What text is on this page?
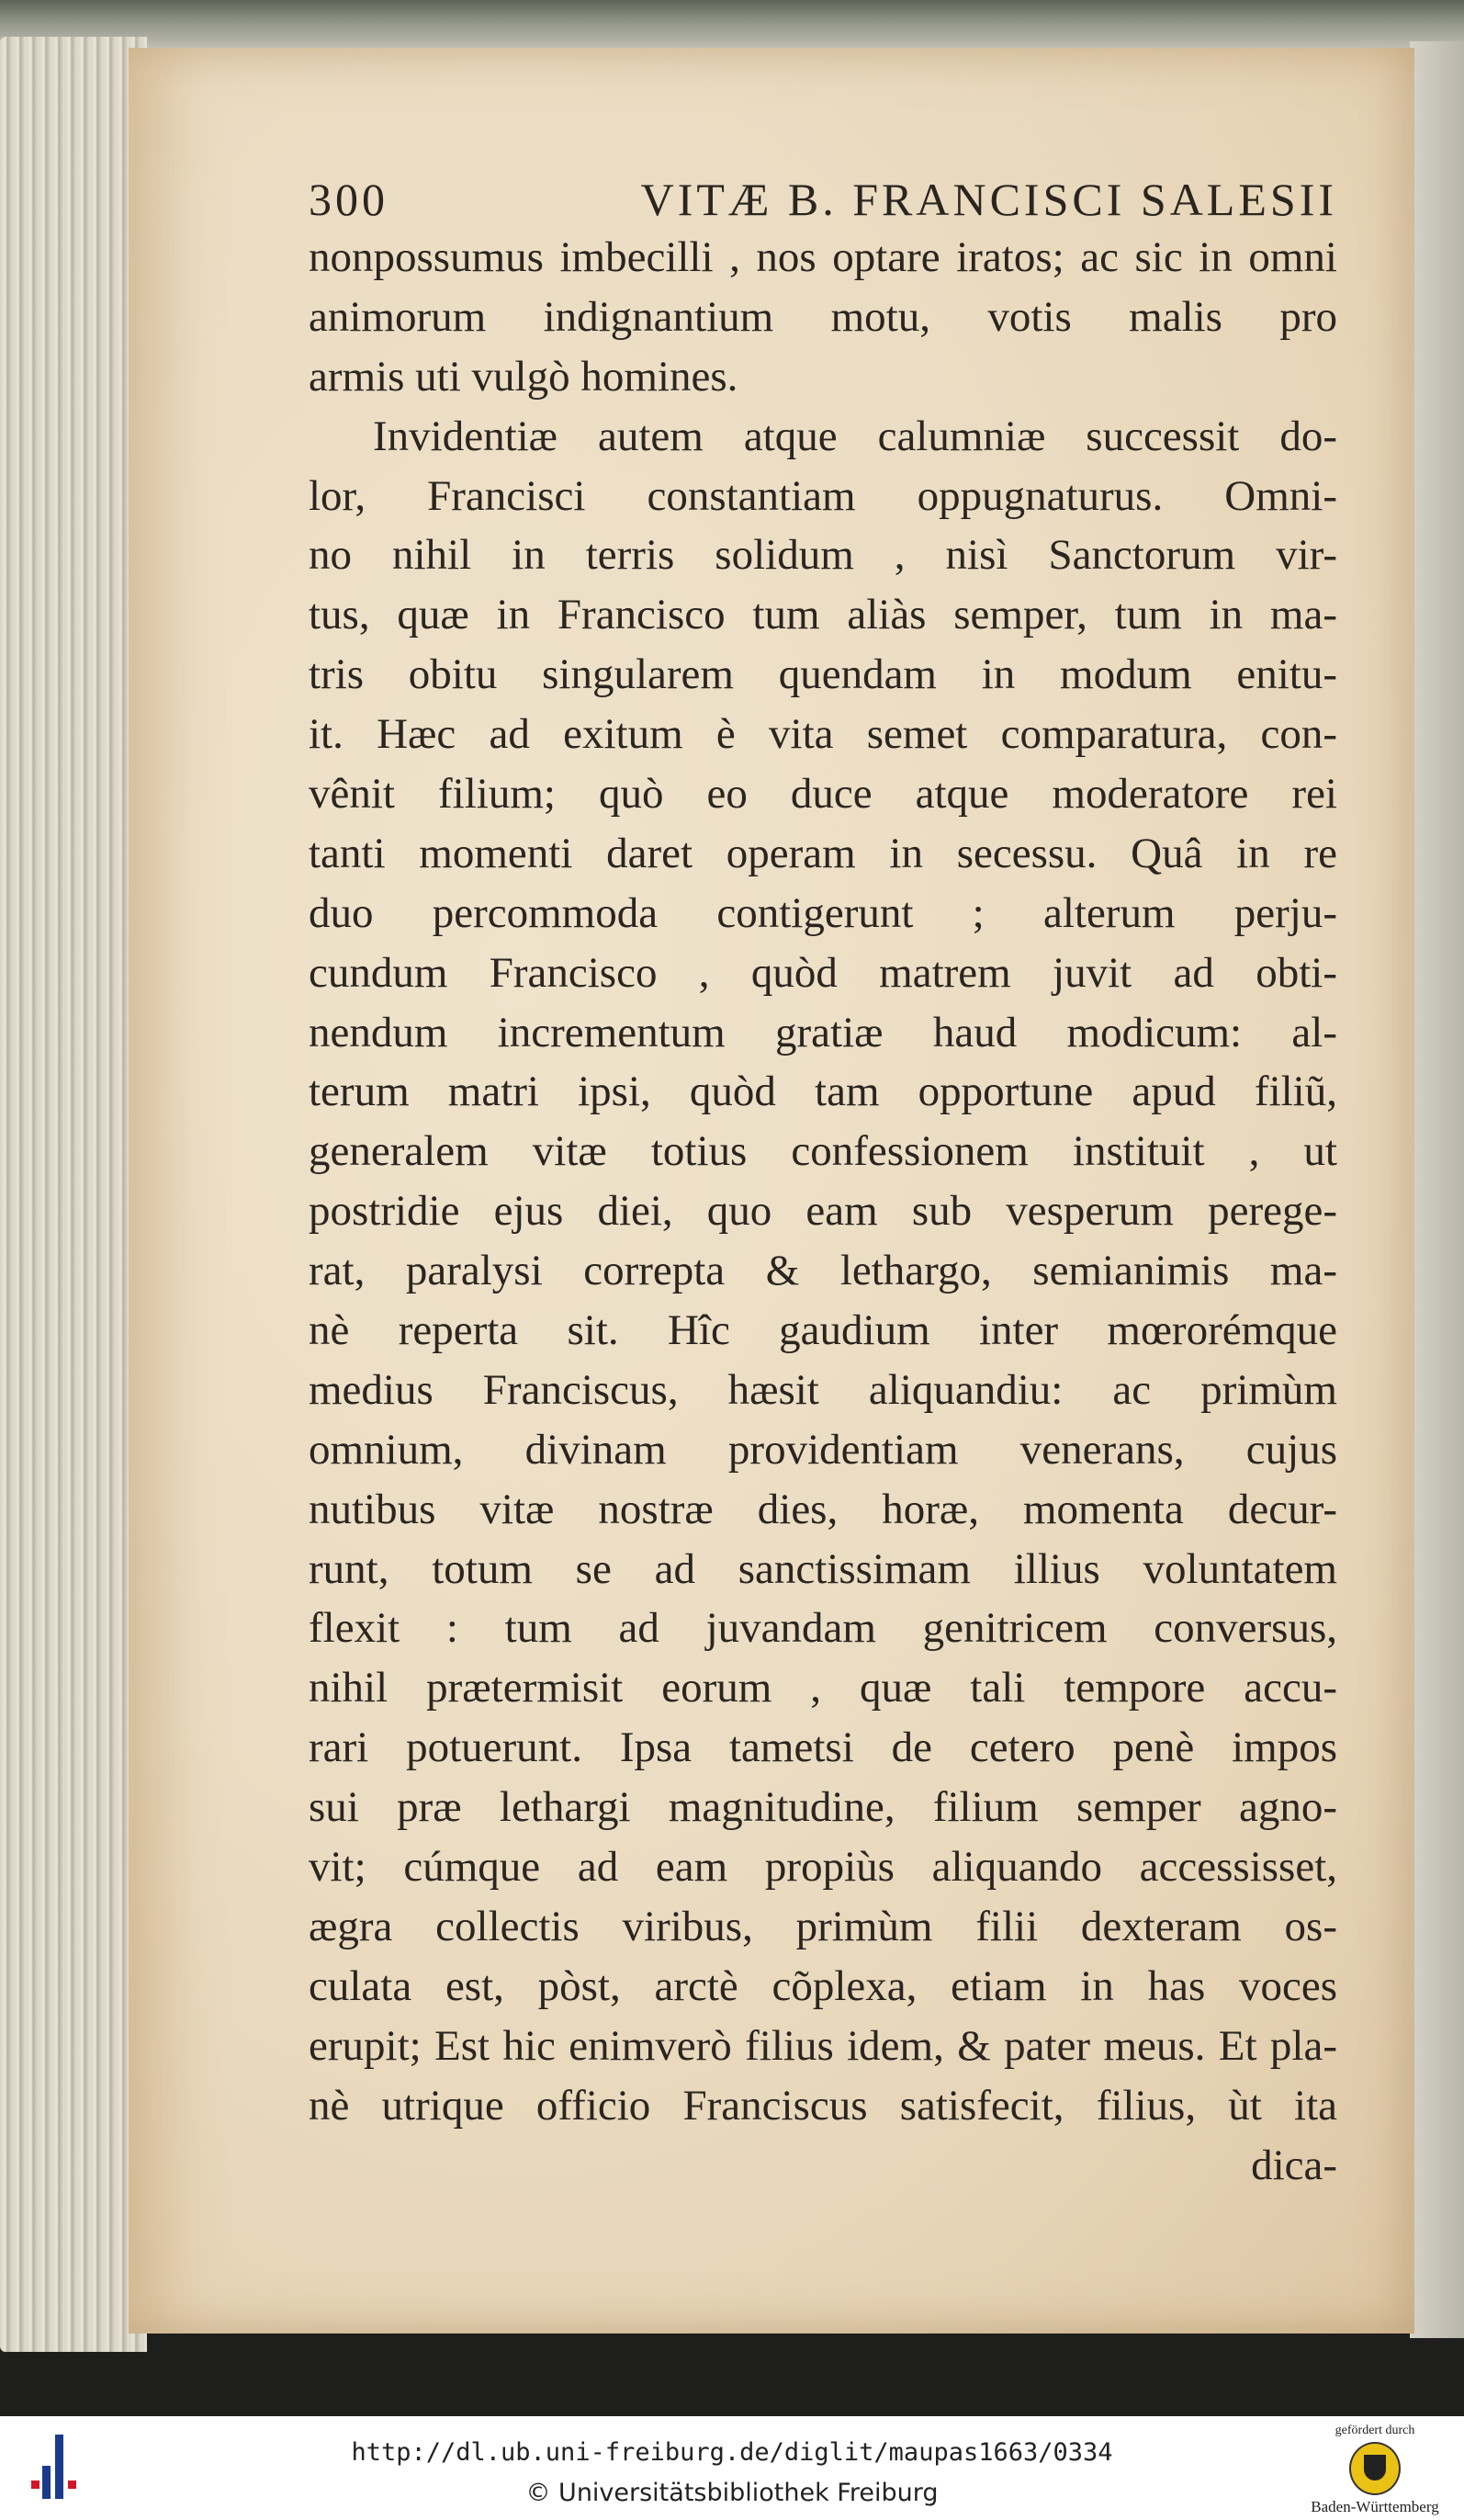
300	VITÆ B. FRANCISCI SALESII
nonpossumus imbecilli , nos optare iratos; ac sic in omni
animorum indignantium motu, votis malis pro
armis uti vulgò homines.
Invidentiæ autem atque calumniæ successit do-
lor, Francisci constantiam oppugnaturus. Omni-
no nihil in terris solidum , nisì Sanctorum vir-
tus, quæ in Francisco tum aliàs semper, tum in ma-
tris obitu singularem quendam in modum enitu-
it. Hæc ad exitum è vita semet comparatura, con-
vênit filium; quò eo duce atque moderatore rei
tanti momenti daret operam in secessu. Quâ in re
duo percommoda contigerunt ; alterum perju-
cundum Francisco , quòd matrem juvit ad obti-
nendum incrementum gratiæ haud modicum: al-
terum matri ipsi, quòd tam opportune apud filiũ,
generalem vitæ totius confessionem instituit , ut
postridie ejus diei, quo eam sub vesperum perege-
rat, paralysi correpta & lethargo, semianimis ma-
nè reperta sit. Hîc gaudium inter mœrorémque
medius Franciscus, hæsit aliquandiu: ac primùm
omnium, divinam providentiam venerans, cujus
nutibus vitæ nostræ dies, horæ, momenta decur-
runt, totum se ad sanctissimam illius voluntatem
flexit : tum ad juvandam genitricem conversus,
nihil prætermisit eorum , quæ tali tempore accu-
rari potuerunt. Ipsa tametsi de cetero penè impos
sui præ lethargi magnitudine, filium semper agno-
vit; cúmque ad eam propiùs aliquando accessisset,
ægra collectis viribus, primùm filii dexteram os-
culata est, pòst, arctè cõplexa, etiam in has voces
erupit; Est hic enimverò filius idem, & pater meus. Et pla-
nè utrique officio Franciscus satisfecit, filius, ùt ita
dica-
http://dl.ub.uni-freiburg.de/diglit/maupas1663/0334
© Universitätsbibliothek Freiburg
gefördert durch
Baden-Württemberg
